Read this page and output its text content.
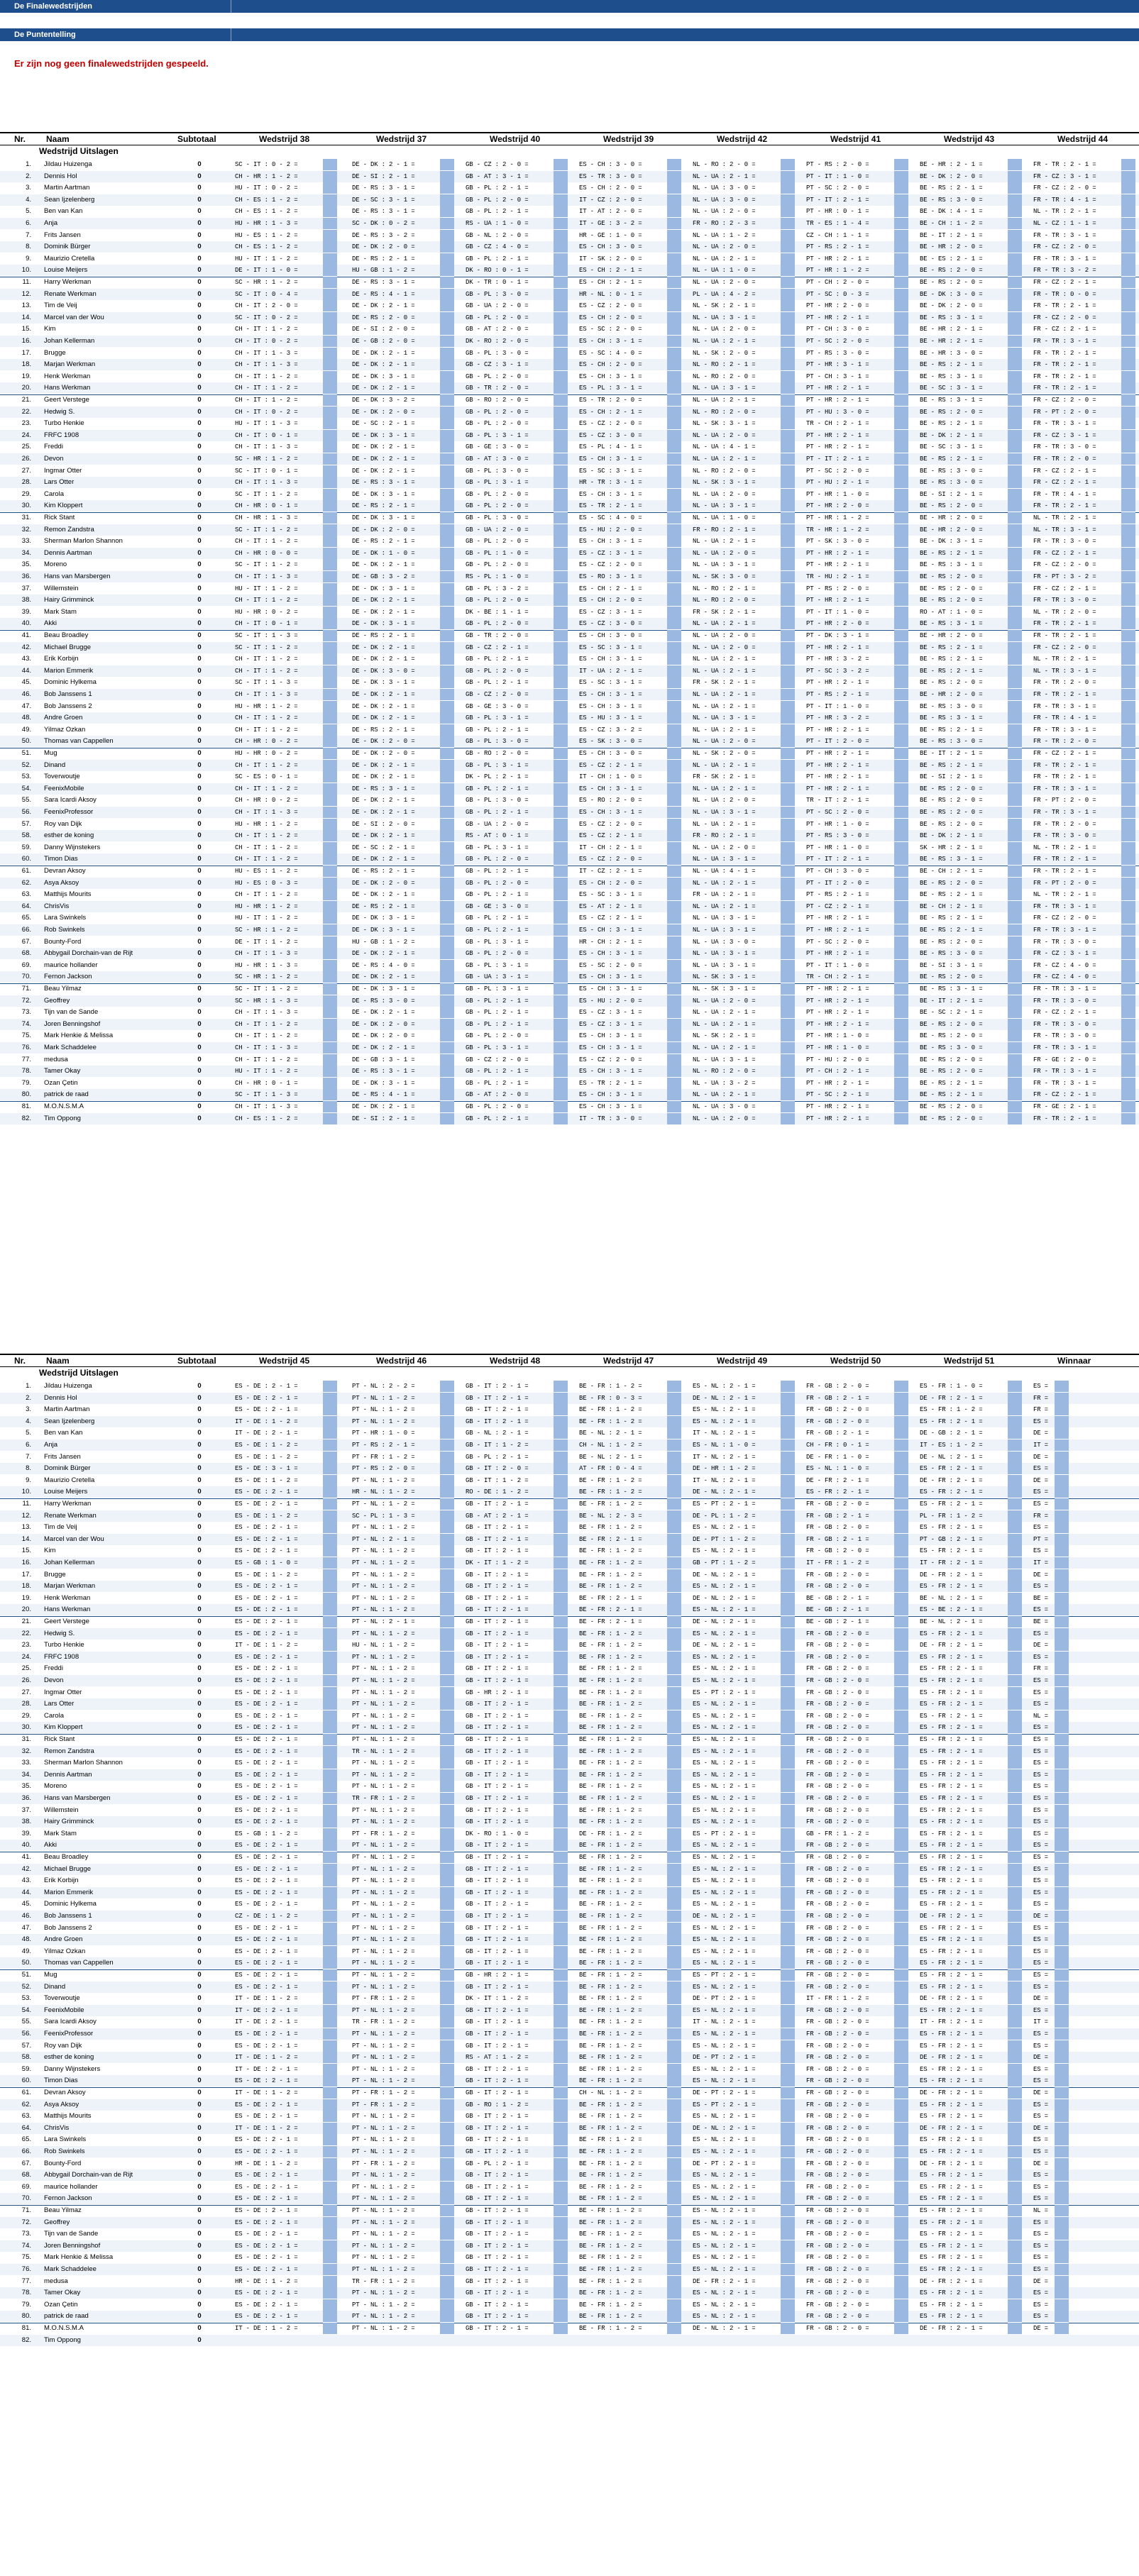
De Finalewedstrijden
De Puntentelling
Er zijn nog geen finalewedstrijden gespeeld.
Nr. Naam	Subtotaal	Wedstrijd 38	Wedstrijd 37	Wedstrijd 40	Wedstrijd 39	Wedstrijd 42	Wedstrijd 41	Wedstrijd 43	Wedstrijd 44
Wedstrijd Uitslagen
1. Jildau Huizenga	0	SC - IT : 0 - 2 =	DE - DK : 2 - 1 =	GB - CZ : 2 - 0 =	ES - CH : 3 - 0 =	NL - RO : 2 - 0 =	PT - RS : 2 - 0 =	BE - HR : 2 - 1 =	FR - TR : 2 - 1 =
2. Dennis Hol	0	CH - HR : 1 - 2 =	DE - SI : 2 - 1 =	GB - AT : 3 - 1 =	ES - TR : 3 - 0 =	NL - UA : 2 - 1 =	PT - IT : 1 - 0 =	BE - DK : 2 - 0 =	FR - CZ : 3 - 1 =
3. Martin Aartman	0	HU - IT : 0 - 2 =	DE - RS : 3 - 1 =	GB - PL : 2 - 1 =	ES - CH : 2 - 0 =	NL - UA : 3 - 0 =	PT - SC : 2 - 0 =	BE - RS : 2 - 1 =	FR - CZ : 2 - 0 =
4. Sean Ijzelenberg	0	CH - ES : 1 - 2 =	DE - SC : 3 - 1 =	GB - PL : 2 - 0 =	IT - CZ : 2 - 0 =	NL - UA : 3 - 0 =	PT - IT : 2 - 1 =	BE - RS : 3 - 0 =	FR - TR : 4 - 1 =
5. Ben van Kan	0	CH - ES : 1 - 2 =	DE - RS : 3 - 1 =	GB - PL : 2 - 1 =	IT - AT : 2 - 0 =	NL - UA : 2 - 0 =	PT - HR : 0 - 1 =	BE - DK : 4 - 1 =	NL - TR : 2 - 1 =
6. Anja	0	HU - HR : 1 - 3 =	SC - DK : 0 - 2 =	RS - UA : 1 - 0 =	IT - GE : 3 - 2 =	FR - RO : 2 - 3 =	TR - ES : 1 - 4 =	BE - CH : 1 - 2 =	NL - CZ : 1 - 1 =
7. Frits Jansen	0	HU - ES : 1 - 2 =	DE - RS : 3 - 2 =	GB - NL : 2 - 0 =	HR - GE : 1 - 0 =	NL - UA : 1 - 2 =	CZ - CH : 1 - 1 =	BE - IT : 2 - 1 =	FR - TR : 3 - 1 =
8. Dominik Bürger	0	CH - ES : 1 - 2 =	DE - DK : 2 - 0 =	GB - CZ : 4 - 0 =	ES - CH : 3 - 0 =	NL - UA : 2 - 0 =	PT - RS : 2 - 1 =	BE - HR : 2 - 0 =	FR - CZ : 2 - 0 =
9. Maurizio Cretella	0	HU - IT : 1 - 2 =	DE - RS : 2 - 1 =	GB - PL : 2 - 1 =	IT - SK : 2 - 0 =	NL - UA : 2 - 1 =	PT - HR : 2 - 1 =	BE - ES : 2 - 1 =	FR - TR : 3 - 1 =
10. Louise Meijers	0	DE - IT : 1 - 0 =	HU - GB : 1 - 2 =	DK - RO : 0 - 1 =	ES - CH : 2 - 1 =	NL - UA : 1 - 0 =	PT - HR : 1 - 2 =	BE - RS : 2 - 0 =	FR - TR : 3 - 2 =
11. Harry Werkman	0	SC - HR : 1 - 2 =	DE - RS : 3 - 1 =	DK - TR : 0 - 1 =	ES - CH : 2 - 1 =	NL - UA : 2 - 0 =	PT - CH : 2 - 0 =	BE - RS : 2 - 0 =	FR - CZ : 2 - 1 =
12. Renate Werkman	0	SC - IT : 0 - 4 =	DE - RS : 4 - 1 =	GB - PL : 3 - 0 =	HR - NL : 0 - 1 =	PL - UA : 4 - 2 =	PT - SC : 0 - 3 =	BE - DK : 3 - 0 =	FR - TR : 0 - 0 =
13. Tim de Veij	0	CH - IT : 2 - 0 =	DE - DK : 2 - 1 =	GB - UA : 2 - 0 =	ES - CZ : 2 - 0 =	NL - SK : 2 - 1 =	PT - HR : 2 - 0 =	BE - DK : 2 - 0 =	FR - TR : 2 - 1 =
14. Marcel van der Wou	0	SC - IT : 0 - 2 =	DE - RS : 2 - 0 =	GB - PL : 2 - 0 =	ES - CH : 2 - 0 =	NL - UA : 3 - 1 =	PT - HR : 2 - 1 =	BE - RS : 3 - 1 =	FR - CZ : 2 - 0 =
15. Kim	0	CH - IT : 1 - 2 =	DE - SI : 2 - 0 =	GB - AT : 2 - 0 =	ES - SC : 2 - 0 =	NL - UA : 2 - 0 =	PT - CH : 3 - 0 =	BE - HR : 2 - 1 =	FR - CZ : 2 - 1 =
16. Johan Kellerman	0	CH - IT : 0 - 2 =	DE - GB : 2 - 0 =	DK - RO : 2 - 0 =	ES - CH : 3 - 1 =	NL - UA : 2 - 1 =	PT - SC : 2 - 0 =	BE - HR : 2 - 1 =	FR - TR : 3 - 1 =
17. Brugge	0	CH - IT : 1 - 3 =	DE - DK : 2 - 1 =	GB - PL : 3 - 0 =	ES - SC : 4 - 0 =	NL - SK : 2 - 0 =	PT - RS : 3 - 0 =	BE - HR : 3 - 0 =	FR - TR : 2 - 1 =
18. Marjan Werkman	0	CH - IT : 1 - 3 =	DE - DK : 2 - 1 =	GB - CZ : 3 - 1 =	ES - CH : 2 - 0 =	NL - RO : 2 - 1 =	PT - HR : 3 - 1 =	BE - RS : 2 - 1 =	FR - TR : 2 - 1 =
19. Henk Werkman	0	CH - IT : 1 - 2 =	DE - DK : 3 - 1 =	GB - PL : 2 - 0 =	ES - CH : 3 - 1 =	NL - RO : 2 - 0 =	PT - CH : 3 - 1 =	BE - RS : 3 - 1 =	FR - TR : 2 - 1 =
20. Hans Werkman	0	CH - IT : 1 - 2 =	DE - DK : 2 - 1 =	GB - TR : 2 - 0 =	ES - PL : 3 - 1 =	NL - UA : 3 - 1 =	PT - HR : 2 - 1 =	BE - SC : 3 - 1 =	FR - TR : 2 - 1 =
21. Geert Verstege	0	CH - IT : 1 - 2 =	DE - DK : 3 - 2 =	GB - RO : 2 - 0 =	ES - TR : 2 - 0 =	NL - UA : 2 - 1 =	PT - HR : 2 - 1 =	BE - RS : 3 - 1 =	FR - CZ : 2 - 0 =
22. Hedwig S.	0	CH - IT : 0 - 2 =	DE - DK : 2 - 0 =	GB - PL : 2 - 0 =	ES - CH : 2 - 1 =	NL - RO : 2 - 0 =	PT - HU : 3 - 0 =	BE - RS : 2 - 0 =	FR - PT : 2 - 0 =
23. Turbo Henkie	0	HU - IT : 1 - 3 =	DE - SC : 2 - 1 =	GB - PL : 2 - 0 =	ES - CZ : 2 - 0 =	NL - SK : 3 - 1 =	TR - CH : 2 - 1 =	BE - RS : 2 - 1 =	FR - TR : 3 - 1 =
24. FRFC 1908	0	CH - IT : 0 - 1 =	DE - DK : 3 - 1 =	GB - PL : 3 - 1 =	ES - CZ : 3 - 0 =	NL - UA : 2 - 0 =	PT - HR : 2 - 1 =	BE - DK : 2 - 1 =	FR - CZ : 3 - 1 =
25. Freddi	0	CH - IT : 1 - 3 =	DE - DK : 2 - 1 =	GB - GE : 3 - 0 =	ES - PL : 4 - 1 =	NL - UA : 4 - 1 =	PT - HR : 2 - 1 =	BE - SC : 3 - 1 =	FR - TR : 3 - 0 =
26. Devon	0	SC - HR : 1 - 2 =	DE - DK : 2 - 1 =	GB - AT : 3 - 0 =	ES - CH : 3 - 1 =	NL - UA : 2 - 1 =	PT - IT : 2 - 1 =	BE - RS : 2 - 1 =	FR - TR : 2 - 0 =
27. Ingmar Otter	0	SC - IT : 0 - 1 =	DE - DK : 2 - 1 =	GB - PL : 3 - 0 =	ES - SC : 3 - 1 =	NL - RO : 2 - 0 =	PT - SC : 2 - 0 =	BE - RS : 3 - 0 =	FR - CZ : 2 - 1 =
28. Lars Otter	0	CH - IT : 1 - 3 =	DE - RS : 3 - 1 =	GB - PL : 3 - 1 =	HR - TR : 3 - 1 =	NL - SK : 3 - 1 =	PT - HU : 2 - 1 =	BE - RS : 3 - 0 =	FR - CZ : 2 - 1 =
29. Carola	0	SC - IT : 1 - 2 =	DE - DK : 3 - 1 =	GB - PL : 2 - 0 =	ES - CH : 3 - 1 =	NL - UA : 2 - 0 =	PT - HR : 1 - 0 =	BE - SI : 2 - 1 =	FR - TR : 4 - 1 =
30. Kim Kloppert	0	CH - HR : 0 - 1 =	DE - RS : 2 - 1 =	GB - PL : 2 - 0 =	ES - TR : 2 - 1 =	NL - UA : 3 - 1 =	PT - HR : 2 - 0 =	BE - RS : 2 - 0 =	FR - TR : 2 - 1 =
31. Rick Stant	0	CH - HR : 1 - 3 =	DE - DK : 3 - 1 =	GB - PL : 3 - 0 =	ES - SC : 4 - 0 =	NL - UA : 1 - 0 =	PT - HR : 1 - 2 =	BE - HR : 2 - 0 =	NL - TR : 2 - 1 =
32. Remon Zandstra	0	SC - IT : 1 - 2 =	DE - DK : 2 - 0 =	GB - UA : 2 - 0 =	ES - HU : 2 - 0 =	FR - RO : 2 - 1 =	TR - HR : 1 - 2 =	BE - HR : 2 - 0 =	NL - TR : 3 - 1 =
33. Sherman Marlon Shannon	0	CH - IT : 1 - 2 =	DE - RS : 2 - 1 =	GB - PL : 2 - 0 =	ES - CH : 3 - 1 =	NL - UA : 2 - 1 =	PT - SK : 3 - 0 =	BE - DK : 3 - 1 =	FR - TR : 3 - 0 =
34. Dennis Aartman	0	CH - HR : 0 - 0 =	DE - DK : 1 - 0 =	GB - PL : 1 - 0 =	ES - CZ : 3 - 1 =	NL - UA : 2 - 0 =	PT - HR : 2 - 1 =	BE - RS : 2 - 1 =	FR - CZ : 2 - 1 =
35. Moreno	0	SC - IT : 1 - 2 =	DE - DK : 2 - 1 =	GB - PL : 2 - 0 =	ES - CZ : 2 - 0 =	NL - UA : 3 - 1 =	PT - HR : 2 - 1 =	BE - RS : 3 - 1 =	FR - CZ : 2 - 0 =
36. Hans van Marsbergen	0	CH - IT : 1 - 3 =	DE - GB : 3 - 2 =	RS - PL : 1 - 0 =	ES - RO : 3 - 1 =	NL - SK : 3 - 0 =	TR - HU : 2 - 1 =	BE - RS : 2 - 0 =	FR - PT : 3 - 2 =
37. Willemstein	0	HU - IT : 1 - 2 =	DE - DK : 3 - 1 =	GB - PL : 3 - 2 =	ES - CH : 2 - 1 =	NL - RO : 2 - 1 =	PT - RS : 2 - 0 =	BE - RS : 2 - 0 =	FR - CZ : 2 - 1 =
38. Hairy Grimminck	0	CH - IT : 1 - 2 =	DE - DK : 2 - 1 =	GB - PL : 2 - 0 =	ES - CH : 2 - 0 =	NL - RO : 2 - 0 =	PT - HR : 2 - 1 =	BE - RS : 2 - 0 =	FR - TR : 3 - 0 =
39. Mark Stam	0	HU - HR : 0 - 2 =	DE - DK : 2 - 1 =	DK - BE : 1 - 1 =	ES - CZ : 3 - 1 =	FR - SK : 2 - 1 =	PT - IT : 1 - 0 =	RO - AT : 1 - 0 =	NL - TR : 2 - 0 =
40. Akki	0	CH - IT : 0 - 1 =	DE - DK : 3 - 1 =	GB - PL : 2 - 0 =	ES - CZ : 3 - 0 =	NL - UA : 2 - 1 =	PT - HR : 2 - 0 =	BE - RS : 3 - 1 =	FR - TR : 2 - 1 =
41. Beau Broadley	0	SC - IT : 1 - 3 =	DE - RS : 2 - 1 =	GB - TR : 2 - 0 =	ES - CH : 3 - 0 =	NL - UA : 2 - 0 =	PT - DK : 3 - 1 =	BE - HR : 2 - 0 =	FR - TR : 2 - 1 =
42. Michael Brugge	0	SC - IT : 1 - 2 =	DE - DK : 2 - 1 =	GB - CZ : 2 - 1 =	ES - SC : 3 - 1 =	NL - UA : 2 - 0 =	PT - HR : 2 - 1 =	BE - RS : 2 - 1 =	FR - CZ : 2 - 0 =
43. Erik Korbijn	0	CH - IT : 1 - 2 =	DE - DK : 2 - 1 =	GB - PL : 2 - 1 =	ES - CH : 3 - 1 =	NL - UA : 2 - 1 =	PT - HR : 3 - 2 =	BE - RS : 2 - 1 =	NL - TR : 2 - 1 =
44. Marion Emmerik	0	CH - IT : 1 - 2 =	DE - DK : 3 - 0 =	GB - PL : 2 - 0 =	IT - UA : 2 - 1 =	NL - UA : 2 - 1 =	PT - SC : 3 - 2 =	BE - RS : 2 - 1 =	NL - TR : 3 - 1 =
45. Dominic Hylkema	0	SC - IT : 1 - 3 =	DE - DK : 3 - 1 =	GB - PL : 2 - 1 =	ES - SC : 3 - 1 =	FR - SK : 2 - 1 =	PT - HR : 2 - 1 =	BE - RS : 2 - 0 =	FR - TR : 2 - 0 =
46. Bob Janssens 1	0	CH - IT : 1 - 3 =	DE - DK : 2 - 1 =	GB - CZ : 2 - 0 =	ES - CH : 3 - 1 =	NL - UA : 2 - 1 =	PT - RS : 2 - 1 =	BE - HR : 2 - 0 =	FR - TR : 2 - 1 =
47. Bob Janssens 2	0	HU - HR : 1 - 2 =	DE - DK : 2 - 1 =	GB - GE : 3 - 0 =	ES - CH : 3 - 1 =	NL - UA : 2 - 1 =	PT - IT : 1 - 0 =	BE - RS : 3 - 0 =	FR - TR : 3 - 1 =
48. Andre Groen	0	CH - IT : 1 - 2 =	DE - DK : 2 - 1 =	GB - PL : 3 - 1 =	ES - HU : 3 - 1 =	NL - UA : 3 - 1 =	PT - HR : 3 - 2 =	BE - RS : 3 - 1 =	FR - TR : 4 - 1 =
49. Yilmaz Ozkan	0	CH - IT : 1 - 2 =	DE - RS : 2 - 1 =	GB - PL : 2 - 1 =	ES - CZ : 3 - 2 =	NL - UA : 2 - 1 =	PT - HR : 2 - 1 =	BE - RS : 2 - 1 =	FR - TR : 3 - 1 =
50. Thomas van Cappellen	0	CH - HR : 0 - 2 =	DE - DK : 2 - 0 =	GB - PL : 3 - 0 =	ES - SK : 3 - 0 =	NL - UA : 2 - 0 =	PT - IT : 2 - 0 =	BE - RS : 3 - 0 =	FR - TR : 2 - 0 =
51. Mug	0	HU - HR : 0 - 2 =	DE - DK : 2 - 0 =	GB - RO : 2 - 0 =	ES - CH : 3 - 0 =	NL - SK : 2 - 0 =	PT - HR : 2 - 1 =	BE - IT : 2 - 1 =	FR - CZ : 2 - 1 =
52. Dinand	0	CH - IT : 1 - 2 =	DE - DK : 2 - 1 =	GB - PL : 3 - 1 =	ES - CZ : 2 - 1 =	NL - UA : 2 - 1 =	PT - HR : 2 - 1 =	BE - RS : 2 - 1 =	FR - TR : 2 - 1 =
53. Toverwoutje	0	SC - ES : 0 - 1 =	DE - DK : 2 - 1 =	DK - PL : 2 - 1 =	IT - CH : 1 - 0 =	FR - SK : 2 - 1 =	PT - HR : 2 - 1 =	BE - SI : 2 - 1 =	FR - TR : 2 - 1 =
54. FeenixMobile	0	CH - IT : 1 - 2 =	DE - RS : 3 - 1 =	GB - PL : 2 - 1 =	ES - CH : 3 - 1 =	NL - UA : 2 - 1 =	PT - HR : 2 - 1 =	BE - RS : 2 - 0 =	FR - TR : 3 - 1 =
55. Sara Icardi Aksoy	0	CH - HR : 0 - 2 =	DE - DK : 2 - 1 =	GB - PL : 3 - 0 =	ES - RO : 2 - 0 =	NL - UA : 2 - 0 =	TR - IT : 2 - 1 =	BE - RS : 2 - 0 =	FR - PT : 2 - 0 =
56. FeenixProfessor	0	CH - IT : 1 - 3 =	DE - DK : 2 - 1 =	GB - PL : 2 - 1 =	ES - CH : 3 - 1 =	NL - UA : 3 - 1 =	PT - SC : 2 - 0 =	BE - RS : 2 - 0 =	FR - TR : 3 - 1 =
57. Roy van Dijk	0	HU - HR : 1 - 2 =	DE - SI : 2 - 0 =	GB - UA : 2 - 0 =	ES - CZ : 2 - 0 =	NL - UA : 2 - 1 =	PT - HR : 1 - 0 =	BE - RS : 2 - 0 =	FR - TR : 2 - 0 =
58. esther de koning	0	CH - IT : 1 - 2 =	DE - DK : 2 - 1 =	RS - AT : 0 - 1 =	ES - CZ : 2 - 1 =	FR - RO : 2 - 1 =	PT - RS : 3 - 0 =	BE - DK : 2 - 1 =	FR - TR : 3 - 0 =
59. Danny Wijnstekers	0	CH - IT : 1 - 2 =	DE - SC : 2 - 1 =	GB - PL : 3 - 1 =	IT - CH : 2 - 1 =	NL - UA : 2 - 0 =	PT - HR : 1 - 0 =	SK - HR : 2 - 1 =	NL - TR : 2 - 1 =
60. Timon Dias	0	CH - IT : 1 - 2 =	DE - DK : 2 - 1 =	GB - PL : 2 - 0 =	ES - CZ : 2 - 0 =	NL - UA : 3 - 1 =	PT - IT : 2 - 1 =	BE - RS : 3 - 1 =	FR - TR : 2 - 1 =
61. Devran Aksoy	0	HU - ES : 1 - 2 =	DE - RS : 2 - 1 =	GB - PL : 2 - 1 =	IT - CZ : 2 - 1 =	NL - UA : 4 - 1 =	PT - CH : 3 - 0 =	BE - CH : 2 - 1 =	FR - TR : 2 - 1 =
62. Asya Aksoy	0	HU - ES : 0 - 3 =	DE - DK : 2 - 0 =	GB - PL : 2 - 0 =	ES - CH : 2 - 0 =	NL - UA : 2 - 1 =	PT - IT : 2 - 0 =	BE - RS : 2 - 0 =	FR - PT : 2 - 0 =
63. Matthijs Mourits	0	CH - IT : 1 - 2 =	DE - DK : 2 - 1 =	GB - PL : 2 - 1 =	ES - SC : 3 - 1 =	FR - UA : 2 - 1 =	PT - RS : 2 - 1 =	BE - RS : 2 - 1 =	NL - TR : 2 - 1 =
64. ChrisVis	0	HU - HR : 1 - 2 =	DE - RS : 2 - 1 =	GB - GE : 3 - 0 =	ES - AT : 2 - 1 =	NL - UA : 2 - 1 =	PT - CZ : 2 - 1 =	BE - CH : 2 - 1 =	FR - TR : 3 - 1 =
65. Lara Swinkels	0	HU - IT : 1 - 2 =	DE - DK : 3 - 1 =	GB - PL : 2 - 1 =	ES - CZ : 2 - 1 =	NL - UA : 3 - 1 =	PT - HR : 2 - 1 =	BE - RS : 2 - 1 =	FR - CZ : 2 - 0 =
66. Rob Swinkels	0	SC - HR : 1 - 2 =	DE - DK : 3 - 1 =	GB - PL : 2 - 1 =	ES - CH : 3 - 1 =	NL - UA : 3 - 1 =	PT - HR : 2 - 1 =	BE - RS : 2 - 1 =	FR - TR : 3 - 1 =
67. Bounty-Ford	0	DE - IT : 1 - 2 =	HU - GB : 1 - 2 =	GB - PL : 3 - 1 =	HR - CH : 2 - 1 =	NL - UA : 3 - 0 =	PT - SC : 2 - 0 =	BE - RS : 2 - 0 =	FR - TR : 3 - 0 =
68. Abbygail Dorchain-van de Rijt	0	CH - IT : 1 - 3 =	DE - DK : 2 - 1 =	GB - PL : 2 - 0 =	ES - CH : 3 - 1 =	NL - UA : 3 - 1 =	PT - HR : 2 - 1 =	BE - RS : 3 - 0 =	FR - CZ : 3 - 1 =
69. maurice hollander	0	HU - HR : 1 - 3 =	DE - RS : 4 - 0 =	GB - PL : 3 - 1 =	ES - SC : 2 - 0 =	NL - UA : 3 - 1 =	PT - IT : 1 - 0 =	BE - SI : 3 - 1 =	FR - CZ : 4 - 0 =
70. Fernon Jackson	0	SC - HR : 1 - 2 =	DE - DK : 2 - 1 =	GB - UA : 3 - 1 =	ES - CH : 3 - 1 =	NL - SK : 3 - 1 =	TR - CH : 2 - 1 =	BE - RS : 2 - 0 =	FR - CZ : 4 - 0 =
71. Beau Yilmaz	0	SC - IT : 1 - 2 =	DE - DK : 3 - 1 =	GB - PL : 3 - 1 =	ES - CH : 3 - 1 =	NL - SK : 3 - 1 =	PT - HR : 2 - 1 =	BE - RS : 3 - 1 =	FR - TR : 3 - 1 =
72. Geoffrey	0	SC - HR : 1 - 3 =	DE - RS : 3 - 0 =	GB - PL : 2 - 1 =	ES - HU : 2 - 0 =	NL - UA : 2 - 0 =	PT - HR : 2 - 1 =	BE - IT : 2 - 1 =	FR - TR : 3 - 0 =
73. Tijn van de Sande	0	CH - IT : 1 - 3 =	DE - DK : 2 - 1 =	GB - PL : 2 - 1 =	ES - CZ : 3 - 1 =	NL - UA : 2 - 1 =	PT - HR : 2 - 1 =	BE - SC : 2 - 1 =	FR - CZ : 2 - 1 =
74. Joren Benningshof	0	CH - IT : 1 - 2 =	DE - DK : 2 - 0 =	GB - PL : 2 - 1 =	ES - CZ : 3 - 1 =	NL - UA : 2 - 1 =	PT - HR : 2 - 1 =	BE - RS : 2 - 0 =	FR - TR : 3 - 0 =
75. Mark Henkie & Melissa	0	CH - IT : 1 - 2 =	DE - DK : 2 - 0 =	GB - PL : 2 - 0 =	ES - CH : 3 - 1 =	NL - SK : 2 - 1 =	PT - HR : 1 - 0 =	BE - RS : 2 - 0 =	FR - TR : 3 - 0 =
76. Mark Schaddelee	0	CH - IT : 1 - 3 =	DE - DK : 2 - 1 =	GB - PL : 3 - 1 =	ES - CH : 3 - 1 =	NL - UA : 2 - 1 =	PT - HR : 1 - 0 =	BE - RS : 3 - 0 =	FR - TR : 3 - 1 =
77. medusa	0	CH - IT : 1 - 2 =	DE - GB : 3 - 1 =	GB - CZ : 2 - 0 =	ES - CZ : 2 - 0 =	NL - UA : 3 - 1 =	PT - HU : 2 - 0 =	BE - RS : 2 - 0 =	FR - GE : 2 - 0 =
78. Tamer Okay	0	HU - IT : 1 - 2 =	DE - RS : 3 - 1 =	GB - PL : 2 - 1 =	ES - CH : 3 - 1 =	NL - RO : 2 - 0 =	PT - CH : 2 - 1 =	BE - RS : 2 - 0 =	FR - TR : 3 - 1 =
79. Ozan Çetin	0	CH - HR : 0 - 1 =	DE - DK : 3 - 1 =	GB - PL : 2 - 1 =	ES - TR : 2 - 1 =	NL - UA : 3 - 2 =	PT - HR : 2 - 1 =	BE - RS : 2 - 1 =	FR - TR : 3 - 1 =
80. patrick de raad	0	SC - IT : 1 - 3 =	DE - RS : 4 - 1 =	GB - AT : 2 - 0 =	ES - CH : 3 - 1 =	NL - UA : 2 - 1 =	PT - SC : 2 - 1 =	BE - RS : 2 - 1 =	FR - CZ : 2 - 1 =
81. M.O.N.S.M.A	0	CH - IT : 1 - 3 =	DE - DK : 2 - 1 =	GB - PL : 2 - 0 =	ES - CH : 3 - 1 =	NL - UA : 3 - 0 =	PT - HR : 2 - 1 =	BE - RS : 2 - 0 =	FR - GE : 2 - 1 =
82. Tim Oppong	0	CH - ES : 1 - 2 =	DE - SI : 2 - 1 =	GB - PL : 2 - 1 =	IT - TR : 3 - 0 =	NL - UA : 2 - 0 =	PT - HR : 2 - 1 =	BE - RS : 2 - 0 =	FR - TR : 2 - 1 =
Nr. Naam	Subtotaal	Wedstrijd 45	Wedstrijd 46	Wedstrijd 48	Wedstrijd 47	Wedstrijd 49	Wedstrijd 50	Wedstrijd 51	Winnaar
Wedstrijd Uitslagen
1. Jildau Huizenga	0	ES - DE : 2 - 1 =	PT - NL : 2 - 2 =	GB - IT : 2 - 1 =	BE - FR : 1 - 2 =	ES - NL : 2 - 1 =	FR - GB : 2 - 0 =	ES - FR : 1 - 0 =	ES =
2. Dennis Hol	0	ES - DE : 2 - 1 =	PT - NL : 1 - 2 =	GB - IT : 2 - 1 =	BE - FR : 0 - 3 =	DE - NL : 2 - 1 =	FR - GB : 2 - 1 =	DE - FR : 2 - 1 =	FR =
3. Martin Aartman	0	ES - DE : 2 - 1 =	PT - NL : 1 - 2 =	GB - IT : 2 - 1 =	BE - FR : 1 - 2 =	ES - NL : 2 - 1 =	FR - GB : 2 - 0 =	ES - FR : 1 - 2 =	FR =
4. Sean Ijzelenberg	0	IT - DE : 1 - 2 =	PT - NL : 1 - 2 =	GB - IT : 2 - 1 =	BE - FR : 1 - 2 =	ES - NL : 2 - 1 =	FR - GB : 2 - 0 =	ES - FR : 2 - 1 =	ES =
5. Ben van Kan	0	IT - DE : 2 - 1 =	PT - HR : 1 - 0 =	GB - NL : 2 - 1 =	BE - NL : 2 - 1 =	IT - NL : 2 - 1 =	FR - GB : 2 - 1 =	DE - GB : 2 - 1 =	DE =
6. Anja	0	ES - DE : 1 - 2 =	PT - RS : 2 - 1 =	GB - IT : 1 - 2 =	CH - NL : 1 - 2 =	ES - NL : 1 - 0 =	CH - FR : 0 - 1 =	IT - ES : 1 - 2 =	IT =
7. Frits Jansen	0	ES - DE : 1 - 2 =	PT - FR : 1 - 2 =	GB - PL : 2 - 1 =	BE - NL : 2 - 1 =	IT - NL : 2 - 1 =	DE - FR : 1 - 0 =	DE - NL : 2 - 1 =	DE =
8. Dominik Bürger	0	ES - DE : 3 - 1 =	PT - RS : 2 - 0 =	GB - IT : 2 - 0 =	AT - FR : 0 - 4 =	DE - HR : 1 - 2 =	ES - NL : 1 - 0 =	ES - FR : 2 - 1 =	ES =
9. Maurizio Cretella	0	ES - DE : 1 - 2 =	PT - NL : 1 - 2 =	GB - IT : 1 - 2 =	BE - FR : 1 - 2 =	IT - NL : 2 - 1 =	DE - FR : 2 - 1 =	DE - FR : 2 - 1 =	DE =
10. Louise Meijers	0	ES - DE : 2 - 1 =	HR - NL : 1 - 2 =	RO - DE : 1 - 2 =	BE - FR : 1 - 2 =	DE - NL : 2 - 1 =	ES - FR : 2 - 1 =	ES - FR : 2 - 1 =	ES =
11. Harry Werkman	0	ES - DE : 2 - 1 =	PT - NL : 1 - 2 =	GB - IT : 2 - 1 =	BE - FR : 1 - 2 =	ES - PT : 2 - 1 =	FR - GB : 2 - 0 =	ES - FR : 2 - 1 =	ES =
12. Renate Werkman	0	ES - DE : 1 - 2 =	SC - PL : 1 - 3 =	GB - AT : 2 - 1 =	BE - NL : 2 - 3 =	DE - PL : 1 - 2 =	FR - GB : 2 - 1 =	PL - FR : 1 - 2 =	FR =
13. Tim de Veij	0	ES - DE : 2 - 1 =	PT - NL : 1 - 2 =	GB - IT : 2 - 1 =	BE - FR : 1 - 2 =	ES - NL : 2 - 1 =	FR - GB : 2 - 0 =	ES - FR : 2 - 1 =	ES =
14. Marcel van der Wou	0	ES - DE : 2 - 1 =	PT - NL : 2 - 1 =	GB - IT : 2 - 1 =	BE - FR : 2 - 1 =	DE - PT : 1 - 2 =	FR - GB : 2 - 1 =	PT - GB : 2 - 1 =	PT =
15. Kim	0	ES - DE : 2 - 1 =	PT - NL : 1 - 2 =	GB - IT : 2 - 1 =	BE - FR : 1 - 2 =	ES - NL : 2 - 1 =	FR - GB : 2 - 0 =	ES - FR : 2 - 1 =	ES =
16. Johan Kellerman	0	ES - GB : 1 - 0 =	PT - NL : 1 - 2 =	DK - IT : 1 - 2 =	BE - FR : 1 - 2 =	GB - PT : 1 - 2 =	IT - FR : 1 - 2 =	IT - FR : 2 - 1 =	IT =
17. Brugge	0	ES - DE : 1 - 2 =	PT - NL : 1 - 2 =	GB - IT : 2 - 1 =	BE - FR : 1 - 2 =	DE - NL : 2 - 1 =	FR - GB : 2 - 0 =	DE - FR : 2 - 1 =	DE =
18. Marjan Werkman	0	ES - DE : 2 - 1 =	PT - NL : 1 - 2 =	GB - IT : 2 - 1 =	BE - FR : 1 - 2 =	ES - NL : 2 - 1 =	FR - GB : 2 - 0 =	ES - FR : 2 - 1 =	ES =
19. Henk Werkman	0	ES - DE : 2 - 1 =	PT - NL : 1 - 2 =	GB - IT : 2 - 1 =	BE - FR : 2 - 1 =	DE - NL : 2 - 1 =	BE - GB : 2 - 1 =	BE - NL : 2 - 1 =	BE =
20. Hans Werkman	0	ES - DE : 2 - 1 =	PT - NL : 1 - 2 =	GB - IT : 2 - 1 =	BE - FR : 2 - 1 =	ES - NL : 2 - 1 =	BE - GB : 2 - 1 =	ES - BE : 2 - 1 =	ES =
21. Geert Verstege	0	ES - DE : 2 - 1 =	PT - NL : 2 - 1 =	GB - IT : 2 - 1 =	BE - FR : 2 - 1 =	DE - NL : 2 - 1 =	BE - GB : 2 - 1 =	BE - NL : 2 - 1 =	BE =
22. Hedwig S.	0	ES - DE : 2 - 1 =	PT - NL : 1 - 2 =	GB - IT : 2 - 1 =	BE - FR : 1 - 2 =	ES - NL : 2 - 1 =	FR - GB : 2 - 0 =	ES - FR : 2 - 1 =	ES =
23. Turbo Henkie	0	IT - DE : 1 - 2 =	HU - NL : 1 - 2 =	GB - IT : 2 - 1 =	BE - FR : 1 - 2 =	DE - NL : 2 - 1 =	FR - GB : 2 - 0 =	DE - FR : 2 - 1 =	DE =
24. FRFC 1908	0	ES - DE : 2 - 1 =	PT - NL : 1 - 2 =	GB - IT : 2 - 1 =	BE - FR : 1 - 2 =	ES - NL : 2 - 1 =	FR - GB : 2 - 0 =	ES - FR : 2 - 1 =	ES =
25. Freddi	0	ES - DE : 2 - 1 =	PT - NL : 1 - 2 =	GB - IT : 2 - 1 =	BE - FR : 1 - 2 =	ES - NL : 2 - 1 =	FR - GB : 2 - 0 =	ES - FR : 2 - 1 =	FR =
26. Devon	0	ES - DE : 2 - 1 =	PT - NL : 1 - 2 =	GB - IT : 2 - 1 =	BE - FR : 1 - 2 =	ES - NL : 2 - 1 =	FR - GB : 2 - 0 =	ES - FR : 2 - 1 =	ES =
27. Ingmar Otter	0	ES - DE : 2 - 1 =	PT - NL : 1 - 2 =	GB - HR : 2 - 1 =	BE - FR : 1 - 2 =	ES - PT : 2 - 1 =	FR - GB : 2 - 0 =	ES - FR : 2 - 1 =	ES =
28. Lars Otter	0	ES - DE : 2 - 1 =	PT - NL : 1 - 2 =	GB - IT : 2 - 1 =	BE - FR : 1 - 2 =	ES - NL : 2 - 1 =	FR - GB : 2 - 0 =	ES - FR : 2 - 1 =	ES =
29. Carola	0	ES - DE : 2 - 1 =	PT - NL : 1 - 2 =	GB - IT : 2 - 1 =	BE - FR : 1 - 2 =	ES - NL : 2 - 1 =	FR - GB : 2 - 0 =	ES - FR : 2 - 1 =	NL =
30. Kim Kloppert	0	ES - DE : 2 - 1 =	PT - NL : 1 - 2 =	GB - IT : 2 - 1 =	BE - FR : 1 - 2 =	ES - NL : 2 - 1 =	FR - GB : 2 - 0 =	ES - FR : 2 - 1 =	ES =
31. Rick Stant	0	ES - DE : 2 - 1 =	PT - NL : 1 - 2 =	GB - IT : 2 - 1 =	BE - FR : 1 - 2 =	ES - NL : 2 - 1 =	FR - GB : 2 - 0 =	ES - FR : 2 - 1 =	ES =
32. Remon Zandstra	0	ES - DE : 2 - 1 =	TR - NL : 1 - 2 =	GB - IT : 2 - 1 =	BE - FR : 1 - 2 =	ES - NL : 2 - 1 =	FR - GB : 2 - 0 =	ES - FR : 2 - 1 =	ES =
33. Sherman Marlon Shannon	0	ES - DE : 2 - 1 =	PT - NL : 1 - 2 =	GB - IT : 2 - 1 =	BE - FR : 1 - 2 =	ES - NL : 2 - 1 =	FR - GB : 2 - 0 =	ES - FR : 2 - 1 =	ES =
34. Dennis Aartman	0	ES - DE : 2 - 1 =	PT - NL : 1 - 2 =	GB - IT : 2 - 1 =	BE - FR : 1 - 2 =	ES - NL : 2 - 1 =	FR - GB : 2 - 0 =	ES - FR : 2 - 1 =	ES =
35. Moreno	0	ES - DE : 2 - 1 =	PT - NL : 1 - 2 =	GB - IT : 2 - 1 =	BE - FR : 1 - 2 =	ES - NL : 2 - 1 =	FR - GB : 2 - 0 =	ES - FR : 2 - 1 =	ES =
36. Hans van Marsbergen	0	ES - DE : 2 - 1 =	TR - FR : 1 - 2 =	GB - IT : 2 - 1 =	BE - FR : 1 - 2 =	ES - NL : 2 - 1 =	FR - GB : 2 - 0 =	ES - FR : 2 - 1 =	ES =
37. Willemstein	0	ES - DE : 2 - 1 =	PT - NL : 1 - 2 =	GB - IT : 2 - 1 =	BE - FR : 1 - 2 =	ES - NL : 2 - 1 =	FR - GB : 2 - 0 =	ES - FR : 2 - 1 =	ES =
38. Hairy Grimminck	0	ES - DE : 2 - 1 =	PT - NL : 1 - 2 =	GB - IT : 2 - 1 =	BE - FR : 1 - 2 =	ES - NL : 2 - 1 =	FR - GB : 2 - 0 =	ES - FR : 2 - 1 =	ES =
39. Mark Stam	0	ES - GB : 1 - 2 =	PT - FR : 1 - 2 =	DK - RO : 1 - 0 =	DE - FR : 1 - 2 =	ES - PT : 2 - 1 =	GB - FR : 1 - 2 =	ES - FR : 2 - 1 =	ES =
40. Akki	0	ES - DE : 2 - 1 =	PT - NL : 1 - 2 =	GB - IT : 2 - 1 =	BE - FR : 1 - 2 =	ES - NL : 2 - 1 =	FR - GB : 2 - 0 =	ES - FR : 2 - 1 =	ES =
41. Beau Broadley	0	ES - DE : 2 - 1 =	PT - NL : 1 - 2 =	GB - IT : 2 - 1 =	BE - FR : 1 - 2 =	ES - NL : 2 - 1 =	FR - GB : 2 - 0 =	ES - FR : 2 - 1 =	ES =
42. Michael Brugge	0	ES - DE : 2 - 1 =	PT - NL : 1 - 2 =	GB - IT : 2 - 1 =	BE - FR : 1 - 2 =	ES - NL : 2 - 1 =	FR - GB : 2 - 0 =	ES - FR : 2 - 1 =	ES =
43. Erik Korbijn	0	ES - DE : 2 - 1 =	PT - NL : 1 - 2 =	GB - IT : 2 - 1 =	BE - FR : 1 - 2 =	ES - NL : 2 - 1 =	FR - GB : 2 - 0 =	ES - FR : 2 - 1 =	ES =
44. Marion Emmerik	0	ES - DE : 2 - 1 =	PT - NL : 1 - 2 =	GB - IT : 2 - 1 =	BE - FR : 1 - 2 =	ES - NL : 2 - 1 =	FR - GB : 2 - 0 =	ES - FR : 2 - 1 =	ES =
45. Dominic Hylkema	0	ES - DE : 2 - 1 =	PT - NL : 1 - 2 =	GB - IT : 2 - 1 =	BE - FR : 1 - 2 =	ES - NL : 2 - 1 =	FR - GB : 2 - 0 =	ES - FR : 2 - 1 =	ES =
46. Bob Janssens 1	0	CZ - DE : 1 - 2 =	PT - NL : 1 - 2 =	GB - IT : 2 - 1 =	BE - FR : 1 - 2 =	DE - NL : 2 - 1 =	FR - GB : 2 - 0 =	DE - FR : 2 - 1 =	DE =
47. Bob Janssens 2	0	ES - DE : 2 - 1 =	PT - NL : 1 - 2 =	GB - IT : 2 - 1 =	BE - FR : 1 - 2 =	ES - NL : 2 - 1 =	FR - GB : 2 - 0 =	ES - FR : 2 - 1 =	ES =
48. Andre Groen	0	ES - DE : 2 - 1 =	PT - NL : 1 - 2 =	GB - IT : 2 - 1 =	BE - FR : 1 - 2 =	ES - NL : 2 - 1 =	FR - GB : 2 - 0 =	ES - FR : 2 - 1 =	ES =
49. Yilmaz Ozkan	0	ES - DE : 2 - 1 =	PT - NL : 1 - 2 =	GB - IT : 2 - 1 =	BE - FR : 1 - 2 =	ES - NL : 2 - 1 =	FR - GB : 2 - 0 =	ES - FR : 2 - 1 =	ES =
50. Thomas van Cappellen	0	ES - DE : 2 - 1 =	PT - NL : 1 - 2 =	GB - IT : 2 - 1 =	BE - FR : 1 - 2 =	ES - NL : 2 - 1 =	FR - GB : 2 - 0 =	ES - FR : 2 - 1 =	ES =
51. Mug	0	ES - DE : 2 - 1 =	PT - NL : 1 - 2 =	GB - HR : 2 - 1 =	BE - FR : 1 - 2 =	ES - PT : 2 - 1 =	FR - GB : 2 - 0 =	ES - FR : 2 - 1 =	ES =
52. Dinand	0	ES - DE : 2 - 1 =	PT - NL : 1 - 2 =	GB - IT : 2 - 1 =	BE - FR : 1 - 2 =	ES - NL : 2 - 1 =	FR - GB : 2 - 0 =	ES - FR : 2 - 1 =	ES =
53. Toverwoutje	0	IT - DE : 1 - 2 =	PT - FR : 1 - 2 =	DK - IT : 1 - 2 =	BE - FR : 1 - 2 =	DE - PT : 2 - 1 =	IT - FR : 1 - 2 =	DE - FR : 2 - 1 =	DE =
54. FeenixMobile	0	IT - DE : 2 - 1 =	PT - NL : 1 - 2 =	GB - IT : 2 - 1 =	BE - FR : 1 - 2 =	ES - NL : 2 - 1 =	FR - GB : 2 - 0 =	ES - FR : 2 - 1 =	ES =
55. Sara Icardi Aksoy	0	IT - DE : 2 - 1 =	TR - FR : 1 - 2 =	GB - IT : 2 - 1 =	BE - FR : 1 - 2 =	IT - NL : 2 - 1 =	FR - GB : 2 - 0 =	IT - FR : 2 - 1 =	IT =
56. FeenixProfessor	0	ES - DE : 2 - 1 =	PT - NL : 1 - 2 =	GB - IT : 2 - 1 =	BE - FR : 1 - 2 =	ES - NL : 2 - 1 =	FR - GB : 2 - 0 =	ES - FR : 2 - 1 =	ES =
57. Roy van Dijk	0	ES - DE : 2 - 1 =	PT - NL : 1 - 2 =	GB - IT : 2 - 1 =	BE - FR : 1 - 2 =	ES - NL : 2 - 1 =	FR - GB : 2 - 0 =	ES - FR : 2 - 1 =	ES =
58. esther de koning	0	IT - DE : 1 - 2 =	PT - NL : 1 - 2 =	RS - AT : 1 - 2 =	BE - FR : 1 - 2 =	DE - PT : 2 - 1 =	FR - GB : 2 - 0 =	DE - FR : 2 - 1 =	DE =
59. Danny Wijnstekers	0	IT - DE : 2 - 1 =	PT - NL : 1 - 2 =	GB - IT : 2 - 1 =	BE - FR : 1 - 2 =	ES - NL : 2 - 1 =	FR - GB : 2 - 0 =	ES - FR : 2 - 1 =	ES =
60. Timon Dias	0	ES - DE : 2 - 1 =	PT - NL : 1 - 2 =	GB - IT : 2 - 1 =	BE - FR : 1 - 2 =	ES - NL : 2 - 1 =	FR - GB : 2 - 0 =	ES - FR : 2 - 1 =	ES =
61. Devran Aksoy	0	IT - DE : 1 - 2 =	PT - FR : 1 - 2 =	GB - IT : 2 - 1 =	CH - NL : 1 - 2 =	DE - PT : 2 - 1 =	FR - GB : 2 - 0 =	DE - FR : 2 - 1 =	DE =
62. Asya Aksoy	0	ES - DE : 2 - 1 =	PT - FR : 1 - 2 =	GB - RO : 1 - 2 =	BE - FR : 1 - 2 =	ES - PT : 2 - 1 =	FR - GB : 2 - 0 =	ES - FR : 2 - 1 =	ES =
63. Matthijs Mourits	0	ES - DE : 2 - 1 =	PT - NL : 1 - 2 =	GB - IT : 2 - 1 =	BE - FR : 1 - 2 =	ES - NL : 2 - 1 =	FR - GB : 2 - 0 =	ES - FR : 2 - 1 =	ES =
64. ChrisVis	0	IT - DE : 1 - 2 =	PT - NL : 1 - 2 =	GB - IT : 2 - 1 =	BE - FR : 1 - 2 =	DE - NL : 2 - 1 =	FR - GB : 2 - 0 =	DE - FR : 2 - 1 =	DE =
65. Lara Swinkels	0	ES - DE : 2 - 1 =	PT - NL : 1 - 2 =	GB - IT : 2 - 1 =	BE - FR : 1 - 2 =	ES - NL : 2 - 1 =	FR - GB : 2 - 0 =	ES - FR : 2 - 1 =	ES =
66. Rob Swinkels	0	ES - DE : 2 - 1 =	PT - NL : 1 - 2 =	GB - IT : 2 - 1 =	BE - FR : 1 - 2 =	ES - NL : 2 - 1 =	FR - GB : 2 - 0 =	ES - FR : 2 - 1 =	ES =
67. Bounty-Ford	0	HR - DE : 1 - 2 =	PT - FR : 1 - 2 =	GB - PL : 2 - 1 =	BE - FR : 1 - 2 =	DE - PT : 2 - 1 =	FR - GB : 2 - 0 =	DE - FR : 2 - 1 =	DE =
68. Abbygail Dorchain-van de Rijt	0	ES - DE : 2 - 1 =	PT - NL : 1 - 2 =	GB - IT : 2 - 1 =	BE - FR : 1 - 2 =	ES - NL : 2 - 1 =	FR - GB : 2 - 0 =	ES - FR : 2 - 1 =	ES =
69. maurice hollander	0	ES - DE : 2 - 1 =	PT - NL : 1 - 2 =	GB - IT : 2 - 1 =	BE - FR : 1 - 2 =	ES - NL : 2 - 1 =	FR - GB : 2 - 0 =	ES - FR : 2 - 1 =	ES =
70. Fernon Jackson	0	ES - DE : 2 - 1 =	PT - NL : 1 - 2 =	GB - IT : 2 - 1 =	BE - FR : 1 - 2 =	ES - NL : 2 - 1 =	FR - GB : 2 - 0 =	ES - FR : 2 - 1 =	ES =
71. Beau Yilmaz	0	ES - DE : 2 - 1 =	PT - NL : 1 - 2 =	GB - IT : 2 - 1 =	BE - FR : 1 - 2 =	ES - NL : 2 - 1 =	FR - GB : 2 - 0 =	ES - FR : 2 - 1 =	NL =
72. Geoffrey	0	ES - DE : 2 - 1 =	PT - NL : 1 - 2 =	GB - IT : 2 - 1 =	BE - FR : 1 - 2 =	ES - NL : 2 - 1 =	FR - GB : 2 - 0 =	ES - FR : 2 - 1 =	ES =
73. Tijn van de Sande	0	ES - DE : 2 - 1 =	PT - NL : 1 - 2 =	GB - IT : 2 - 1 =	BE - FR : 1 - 2 =	ES - NL : 2 - 1 =	FR - GB : 2 - 0 =	ES - FR : 2 - 1 =	ES =
74. Joren Benningshof	0	ES - DE : 2 - 1 =	PT - NL : 1 - 2 =	GB - IT : 2 - 1 =	BE - FR : 1 - 2 =	ES - NL : 2 - 1 =	FR - GB : 2 - 0 =	ES - FR : 2 - 1 =	ES =
75. Mark Henkie & Melissa	0	ES - DE : 2 - 1 =	PT - NL : 1 - 2 =	GB - IT : 2 - 1 =	BE - FR : 1 - 2 =	ES - NL : 2 - 1 =	FR - GB : 2 - 0 =	ES - FR : 2 - 1 =	ES =
76. Mark Schaddelee	0	ES - DE : 2 - 1 =	PT - NL : 1 - 2 =	GB - IT : 2 - 1 =	BE - FR : 1 - 2 =	ES - NL : 2 - 1 =	FR - GB : 2 - 0 =	ES - FR : 2 - 1 =	ES =
77. medusa	0	HR - DE : 1 - 2 =	TR - FR : 1 - 2 =	GB - IT : 2 - 1 =	BE - FR : 1 - 2 =	DE - FR : 2 - 1 =	FR - GB : 2 - 0 =	DE - FR : 2 - 1 =	DE =
78. Tamer Okay	0	ES - DE : 2 - 1 =	PT - NL : 1 - 2 =	GB - IT : 2 - 1 =	BE - FR : 1 - 2 =	ES - NL : 2 - 1 =	FR - GB : 2 - 0 =	ES - FR : 2 - 1 =	ES =
79. Ozan Çetin	0	ES - DE : 2 - 1 =	PT - NL : 1 - 2 =	GB - IT : 2 - 1 =	BE - FR : 1 - 2 =	ES - NL : 2 - 1 =	FR - GB : 2 - 0 =	ES - FR : 2 - 1 =	ES =
80. patrick de raad	0	ES - DE : 2 - 1 =	PT - NL : 1 - 2 =	GB - IT : 2 - 1 =	BE - FR : 1 - 2 =	ES - NL : 2 - 1 =	FR - GB : 2 - 0 =	ES - FR : 2 - 1 =	ES =
81. M.O.N.S.M.A	0	IT - DE : 1 - 2 =	PT - NL : 1 - 2 =	GB - IT : 2 - 1 =	BE - FR : 1 - 2 =	DE - NL : 2 - 1 =	FR - GB : 2 - 0 =	DE - FR : 2 - 1 =	DE =
82. Tim Oppong	0
